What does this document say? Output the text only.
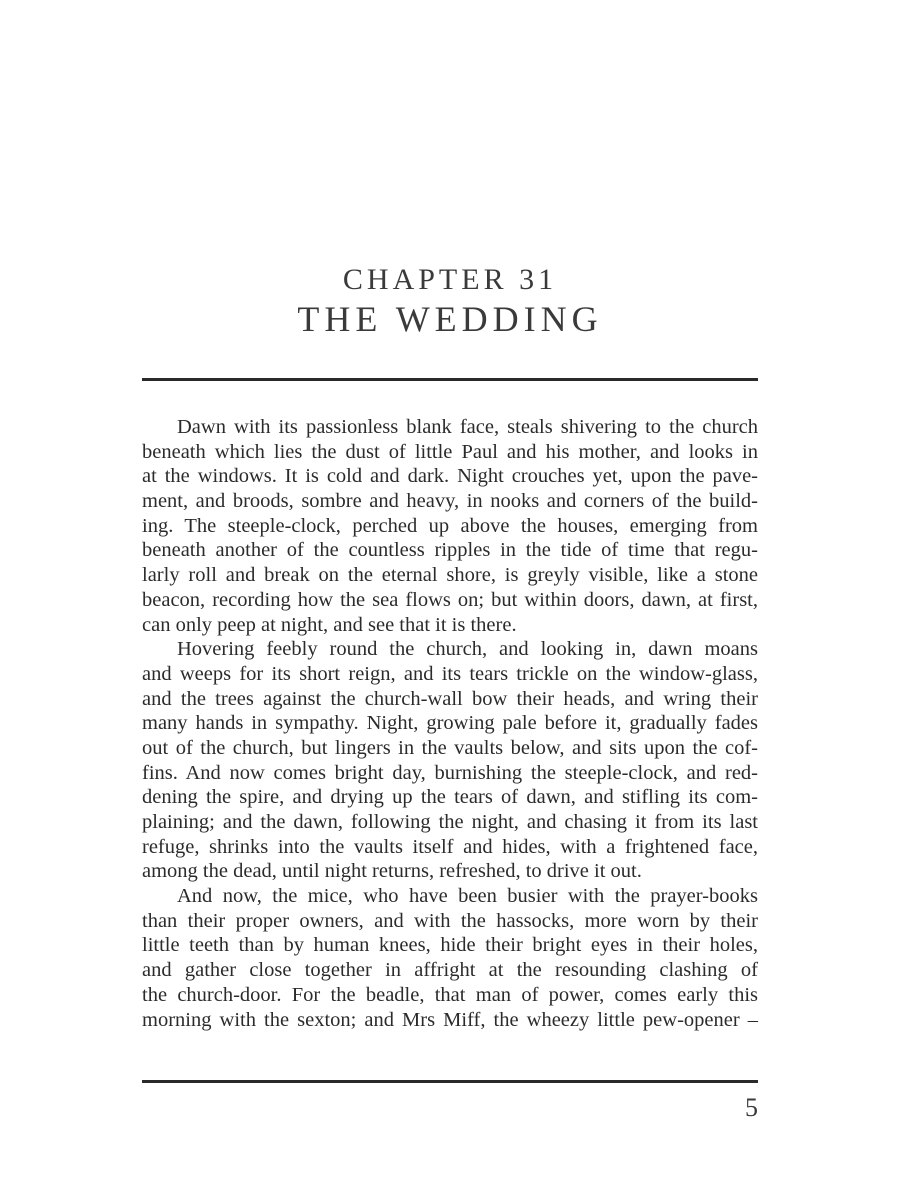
CHAPTER 31
THE WEDDING
Dawn with its passionless blank face, steals shivering to the church
beneath which lies the dust of little Paul and his mother, and looks in
at the windows. It is cold and dark. Night crouches yet, upon the pave-
ment, and broods, sombre and heavy, in nooks and corners of the build-
ing. The steeple-clock, perched up above the houses, emerging from
beneath another of the countless ripples in the tide of time that regu-
larly roll and break on the eternal shore, is greyly visible, like a stone
beacon, recording how the sea flows on; but within doors, dawn, at first,
can only peep at night, and see that it is there.
Hovering feebly round the church, and looking in, dawn moans
and weeps for its short reign, and its tears trickle on the window-glass,
and the trees against the church-wall bow their heads, and wring their
many hands in sympathy. Night, growing pale before it, gradually fades
out of the church, but lingers in the vaults below, and sits upon the cof-
fins. And now comes bright day, burnishing the steeple-clock, and red-
dening the spire, and drying up the tears of dawn, and stifling its com-
plaining; and the dawn, following the night, and chasing it from its last
refuge, shrinks into the vaults itself and hides, with a frightened face,
among the dead, until night returns, refreshed, to drive it out.
And now, the mice, who have been busier with the prayer-books
than their proper owners, and with the hassocks, more worn by their
little teeth than by human knees, hide their bright eyes in their holes,
and gather close together in affright at the resounding clashing of
the church-door. For the beadle, that man of power, comes early this
morning with the sexton; and Mrs Miff, the wheezy little pew-opener –
5
